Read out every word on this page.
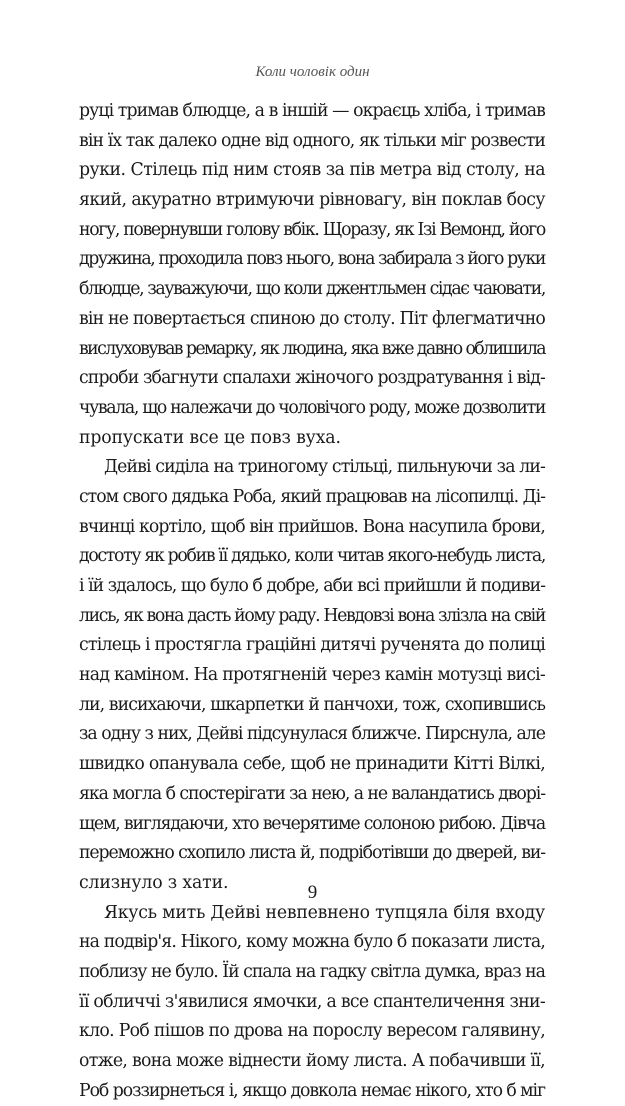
Коли чоловік один
руці тримав блюдце, а в іншій — окраєць хліба, і тримав
він їх так далеко одне від одного, як тільки міг розвести
руки. Стілець під ним стояв за пів метра від столу, на
який, акуратно втримуючи рівновагу, він поклав босу
ногу, повернувши голову вбік. Щоразу, як Ізі Вемонд, його
дружина, проходила повз нього, вона забирала з його руки
блюдце, зауважуючи, що коли джентльмен сідає чаювати,
він не повертається спиною до столу. Піт флегматично
вислуховував ремарку, як людина, яка вже давно облишила
спроби збагнути спалахи жіночого роздратування і від-
чувала, що належачи до чоловічого роду, може дозволити
пропускати все це повз вуха.
Дейві сиділа на триногому стільці, пильнуючи за ли-
стом свого дядька Роба, який працював на лісопилці. Ді-
вчинці кортіло, щоб він прийшов. Вона насупила брови,
достоту як робив її дядько, коли читав якого-небудь листа,
і їй здалось, що було б добре, аби всі прийшли й подиви-
лись, як вона дасть йому раду. Невдовзі вона злізла на свій
стілець і простягла грацiйні дитячі рученята до полиці
над каміном. На протягненій через камін мотузці висі-
ли, висихаючи, шкарпетки й панчохи, тож, схопившись
за одну з них, Дейві підсунулася ближче. Пирснула, але
швидко опанувала себе, щоб не принадити Кітті Вілкі,
яка могла б спостерігати за нею, а не валандатись дворі-
щем, виглядаючи, хто вечерятиме солоною рибою. Дівча
переможно схопило листа й, подріботівши до дверей, ви-
слизнуло з хати.
Якусь мить Дейві невпевнено тупцяла біля входу
на подвір'я. Нікого, кому можна було б показати листа,
поблизу не було. Їй спала на гадку світла думка, враз на
її обличчі з'явилися ямочки, а все спантеличення зни-
кло. Роб пішов по дрова на порослу вересом галявину,
отже, вона може віднести йому листа. А побачивши її,
Роб роззирнеться і, якщо довкола немає нікого, хто б міг
9
